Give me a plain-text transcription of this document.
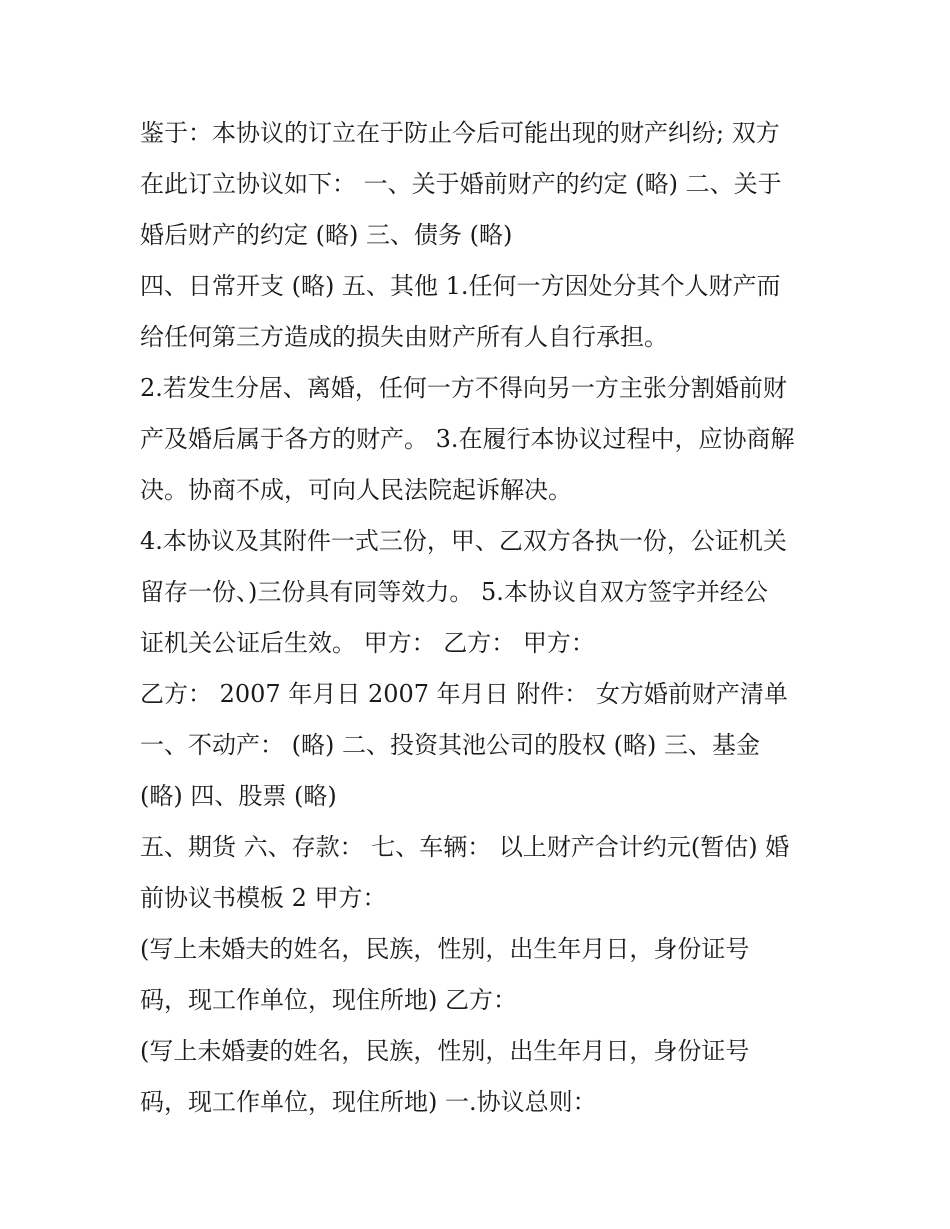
鉴于：本协议的订立在于防止今后可能出现的财产纠纷; 双方
在此订立协议如下： 一、关于婚前财产的约定 (略) 二、关于
婚后财产的约定 (略) 三、债务 (略)
四、日常开支 (略) 五、其他 1.任何一方因处分其个人财产而
给任何第三方造成的损失由财产所有人自行承担。
2.若发生分居、离婚，任何一方不得向另一方主张分割婚前财
产及婚后属于各方的财产。 3.在履行本协议过程中，应协商解
决。协商不成，可向人民法院起诉解决。
4.本协议及其附件一式三份，甲、乙双方各执一份，公证机关
留存一份、)三份具有同等效力。 5.本协议自双方签字并经公
证机关公证后生效。 甲方： 乙方： 甲方：
乙方： 2007 年月日 2007 年月日 附件： 女方婚前财产清单
一、不动产： (略) 二、投资其池公司的股权 (略) 三、基金
(略) 四、股票 (略)
五、期货 六、存款： 七、车辆： 以上财产合计约元(暂估) 婚
前协议书模板 2 甲方：
(写上未婚夫的姓名，民族，性别，出生年月日，身份证号
码，现工作单位，现住所地) 乙方：
(写上未婚妻的姓名，民族，性别，出生年月日，身份证号
码，现工作单位，现住所地) 一.协议总则：
